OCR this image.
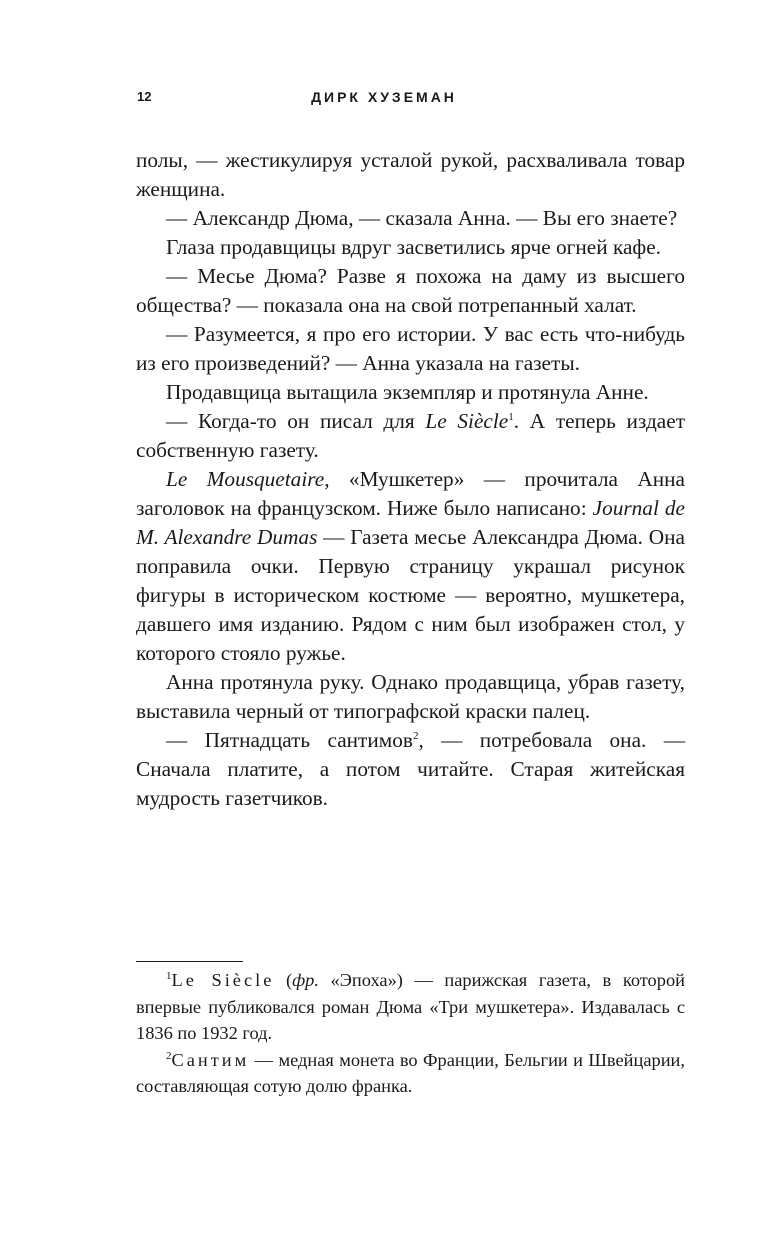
12	ДИРК ХУЗЕМАН

полы, — жестикулируя усталой рукой, расхваливала товар женщина.

— Александр Дюма, — сказала Анна. — Вы его знаете?

Глаза продавщицы вдруг засветились ярче огней кафе.

— Месье Дюма? Разве я похожа на даму из высшего общества? — показала она на свой потрепанный халат.

— Разумеется, я про его истории. У вас есть что-нибудь из его произведений? — Анна указала на газеты.

Продавщица вытащила экземпляр и протянула Анне.

— Когда-то он писал для Le Siècle$^1$. А теперь издает собственную газету.

Le Mousquetaire, «Мушкетер» — прочитала Анна заголовок на французском. Ниже было написано: Journal de M. Alexandre Dumas — Газета месье Александра Дюма. Она поправила очки. Первую страницу украшал рисунок фигуры в историческом костюме — вероятно, мушкетера, давшего имя изданию. Рядом с ним был изображен стол, у которого стояло ружье.

Анна протянула руку. Однако продавщица, убрав газету, выставила черный от типографской краски палец.

— Пятнадцать сантимов$^2$, — потребовала она. — Сначала платите, а потом читайте. Старая житейская мудрость газетчиков.

$^1$Le Siècle (фр. «Эпоха») — парижская газета, в которой впервые публиковался роман Дюма «Три мушкетера». Издавалась с 1836 по 1932 год.

$^2$Сантим — медная монета во Франции, Бельгии и Швейцарии, составляющая сотую долю франка.
